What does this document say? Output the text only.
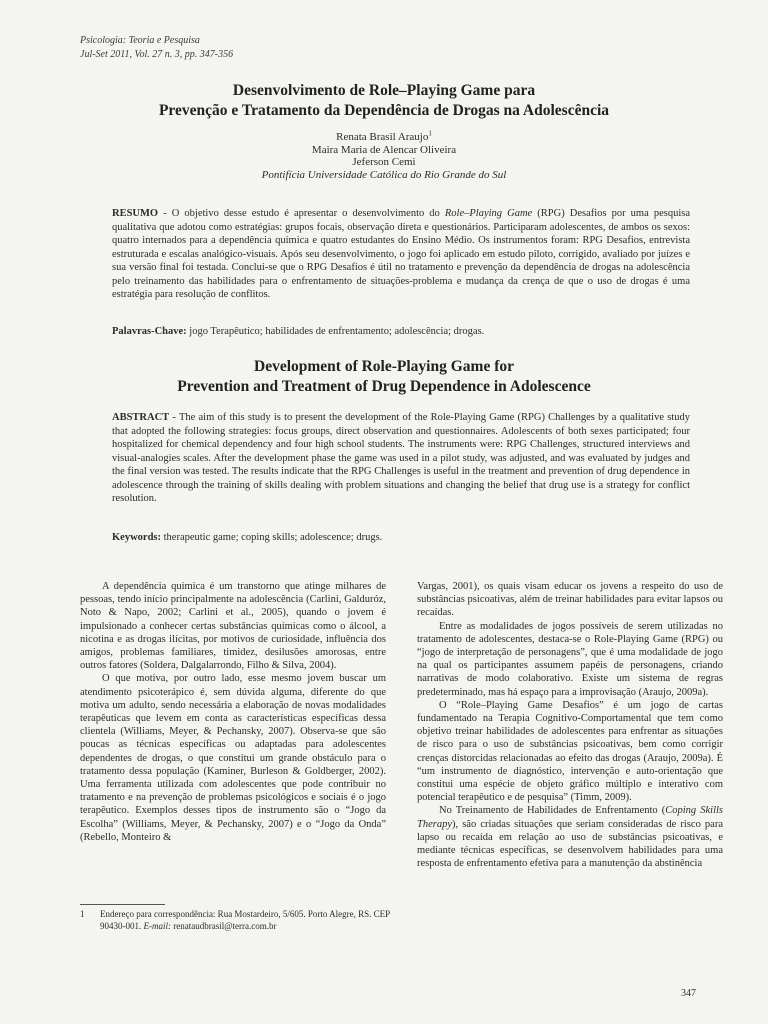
Psicologia: Teoria e Pesquisa
Jul-Set 2011, Vol. 27 n. 3, pp. 347-356
Desenvolvimento de Role–Playing Game para
Prevenção e Tratamento da Dependência de Drogas na Adolescência
Renata Brasil Araujo$^1$
Maira Maria de Alencar Oliveira
Jeferson Cemi
Pontifícia Universidade Católica do Rio Grande do Sul
RESUMO - O objetivo desse estudo é apresentar o desenvolvimento do Role–Playing Game (RPG) Desafios por uma pesquisa qualitativa que adotou como estratégias: grupos focais, observação direta e questionários. Participaram adolescentes, de ambos os sexos: quatro internados para a dependência química e quatro estudantes do Ensino Médio. Os instrumentos foram: RPG Desafios, entrevista estruturada e escalas analógico-visuais. Após seu desenvolvimento, o jogo foi aplicado em estudo piloto, corrigido, avaliado por juízes e sua versão final foi testada. Conclui-se que o RPG Desafios é útil no tratamento e prevenção da dependência de drogas na adolescência pelo treinamento das habilidades para o enfrentamento de situações-problema e mudança da crença de que o uso de drogas é uma estratégia para resolução de conflitos.
Palavras-Chave: jogo Terapêutico; habilidades de enfrentamento; adolescência; drogas.
Development of Role-Playing Game for
Prevention and Treatment of Drug Dependence in Adolescence
ABSTRACT - The aim of this study is to present the development of the Role-Playing Game (RPG) Challenges by a qualitative study that adopted the following strategies: focus groups, direct observation and questionnaires. Adolescents of both sexes participated; four hospitalized for chemical dependency and four high school students. The instruments were: RPG Challenges, structured interviews and visual-analogies scales. After the development phase the game was used in a pilot study, was adjusted, and was evaluated by judges and the final version was tested. The results indicate that the RPG Challenges is useful in the treatment and prevention of drug dependence in adolescence through the training of skills dealing with problem situations and changing the belief that drug use is a strategy for conflict resolution.
Keywords: therapeutic game; coping skills; adolescence; drugs.

A dependência química é um transtorno que atinge milhares de pessoas, tendo início principalmente na adolescência (Carlini, Galduróz, Noto & Napo, 2002; Carlini et al., 2005), quando o jovem é impulsionado a conhecer certas substâncias químicas como o álcool, a nicotina e as drogas ilícitas, por motivos de curiosidade, influência dos amigos, problemas familiares, timidez, desilusões amorosas, entre outros fatores (Soldera, Dalgalarrondo, Filho & Silva, 2004).

O que motiva, por outro lado, esse mesmo jovem buscar um atendimento psicoterápico é, sem dúvida alguma, diferente do que motiva um adulto, sendo necessária a elaboração de novas modalidades terapêuticas que levem em conta as características específicas dessa clientela (Williams, Meyer, & Pechansky, 2007). Observa-se que são poucas as técnicas específicas ou adaptadas para adolescentes dependentes de drogas, o que constitui um grande obstáculo para o tratamento dessa população (Kaminer, Burleson & Goldberger, 2002). Uma ferramenta utilizada com adolescentes que pode contribuir no tratamento e na prevenção de problemas psicológicos e sociais é o jogo terapêutico. Exemplos desses tipos de instrumento são o “Jogo da Escolha” (Williams, Meyer, & Pechansky, 2007) e o “Jogo da Onda” (Rebello, Monteiro &

Vargas, 2001), os quais visam educar os jovens a respeito do uso de substâncias psicoativas, além de treinar habilidades para evitar lapsos ou recaídas.

Entre as modalidades de jogos possíveis de serem utilizadas no tratamento de adolescentes, destaca-se o Role-Playing Game (RPG) ou “jogo de interpretação de personagens”, que é uma modalidade de jogo na qual os participantes assumem papéis de personagens, criando narrativas de modo colaborativo. Existe um sistema de regras predeterminado, mas há espaço para a improvisação (Araujo, 2009a).

O “Role–Playing Game Desafios” é um jogo de cartas fundamentado na Terapia Cognitivo-Comportamental que tem como objetivo treinar habilidades de adolescentes para enfrentar as situações de risco para o uso de substâncias psicoativas, bem como corrigir crenças distorcidas relacionadas ao efeito das drogas (Araujo, 2009a). É “um instrumento de diagnóstico, intervenção e auto-orientação que constitui uma espécie de objeto gráfico múltiplo e interativo com potencial terapêutico e de pesquisa” (Timm, 2009).

No Treinamento de Habilidades de Enfrentamento (Coping Skills Therapy), são criadas situações que seriam consideradas de risco para lapso ou recaída em relação ao uso de substâncias psicoativas, e mediante técnicas específicas, se desenvolvem habilidades para uma resposta de enfrentamento efetiva para a manutenção da abstinência

1 Endereço para correspondência: Rua Mostardeiro, 5/605. Porto Alegre, RS. CEP 90430-001. E-mail: renataudbrasil@terra.com.br
347
